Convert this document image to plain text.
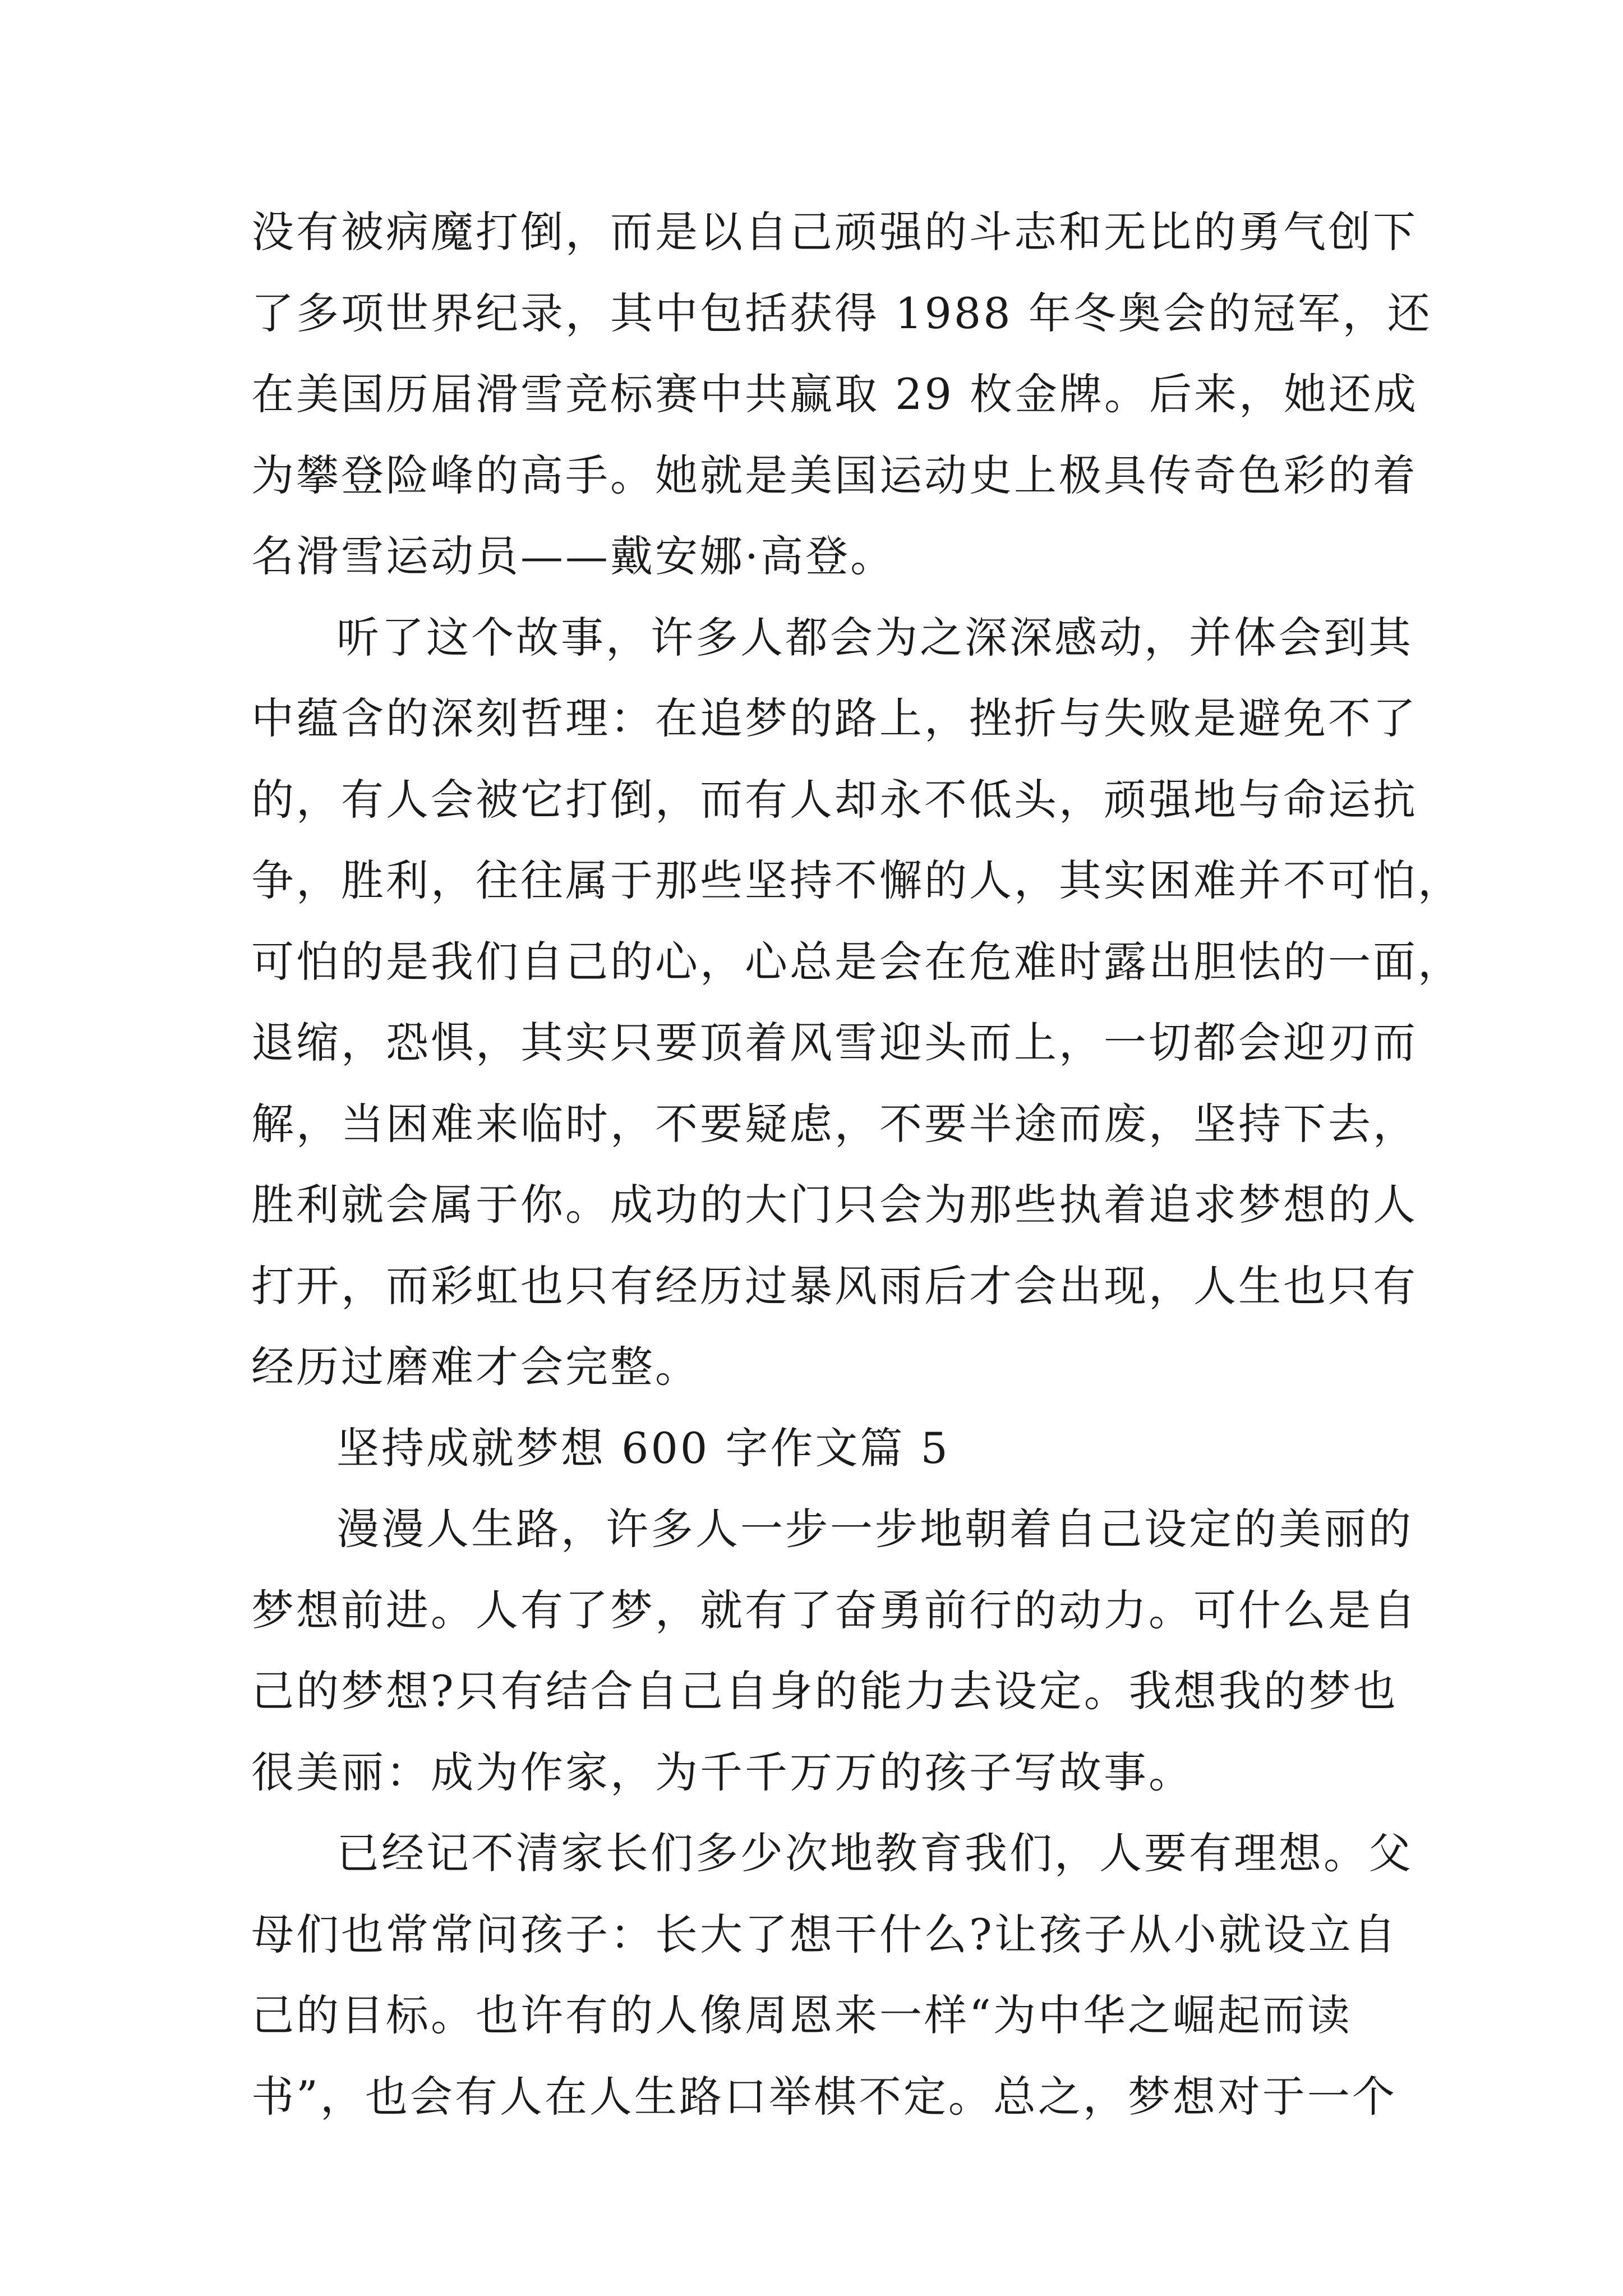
没有被病魔打倒，而是以自己顽强的斗志和无比的勇气创下
了多项世界纪录，其中包括获得 1988 年冬奥会的冠军，还
在美国历届滑雪竞标赛中共赢取 29 枚金牌。后来，她还成
为攀登险峰的高手。她就是美国运动史上极具传奇色彩的着
名滑雪运动员——戴安娜·高登。
听了这个故事，许多人都会为之深深感动，并体会到其
中蕴含的深刻哲理：在追梦的路上，挫折与失败是避免不了
的，有人会被它打倒，而有人却永不低头，顽强地与命运抗
争，胜利，往往属于那些坚持不懈的人，其实困难并不可怕，
可怕的是我们自己的心，心总是会在危难时露出胆怯的一面，
退缩，恐惧，其实只要顶着风雪迎头而上，一切都会迎刃而
解，当困难来临时，不要疑虑，不要半途而废，坚持下去，
胜利就会属于你。成功的大门只会为那些执着追求梦想的人
打开，而彩虹也只有经历过暴风雨后才会出现，人生也只有
经历过磨难才会完整。
坚持成就梦想 600 字作文篇 5
漫漫人生路，许多人一步一步地朝着自己设定的美丽的
梦想前进。人有了梦，就有了奋勇前行的动力。可什么是自
己的梦想?只有结合自己自身的能力去设定。我想我的梦也
很美丽：成为作家，为千千万万的孩子写故事。
已经记不清家长们多少次地教育我们，人要有理想。父
母们也常常问孩子：长大了想干什么?让孩子从小就设立自
己的目标。也许有的人像周恩来一样“为中华之崛起而读
书”，也会有人在人生路口举棋不定。总之，梦想对于一个
